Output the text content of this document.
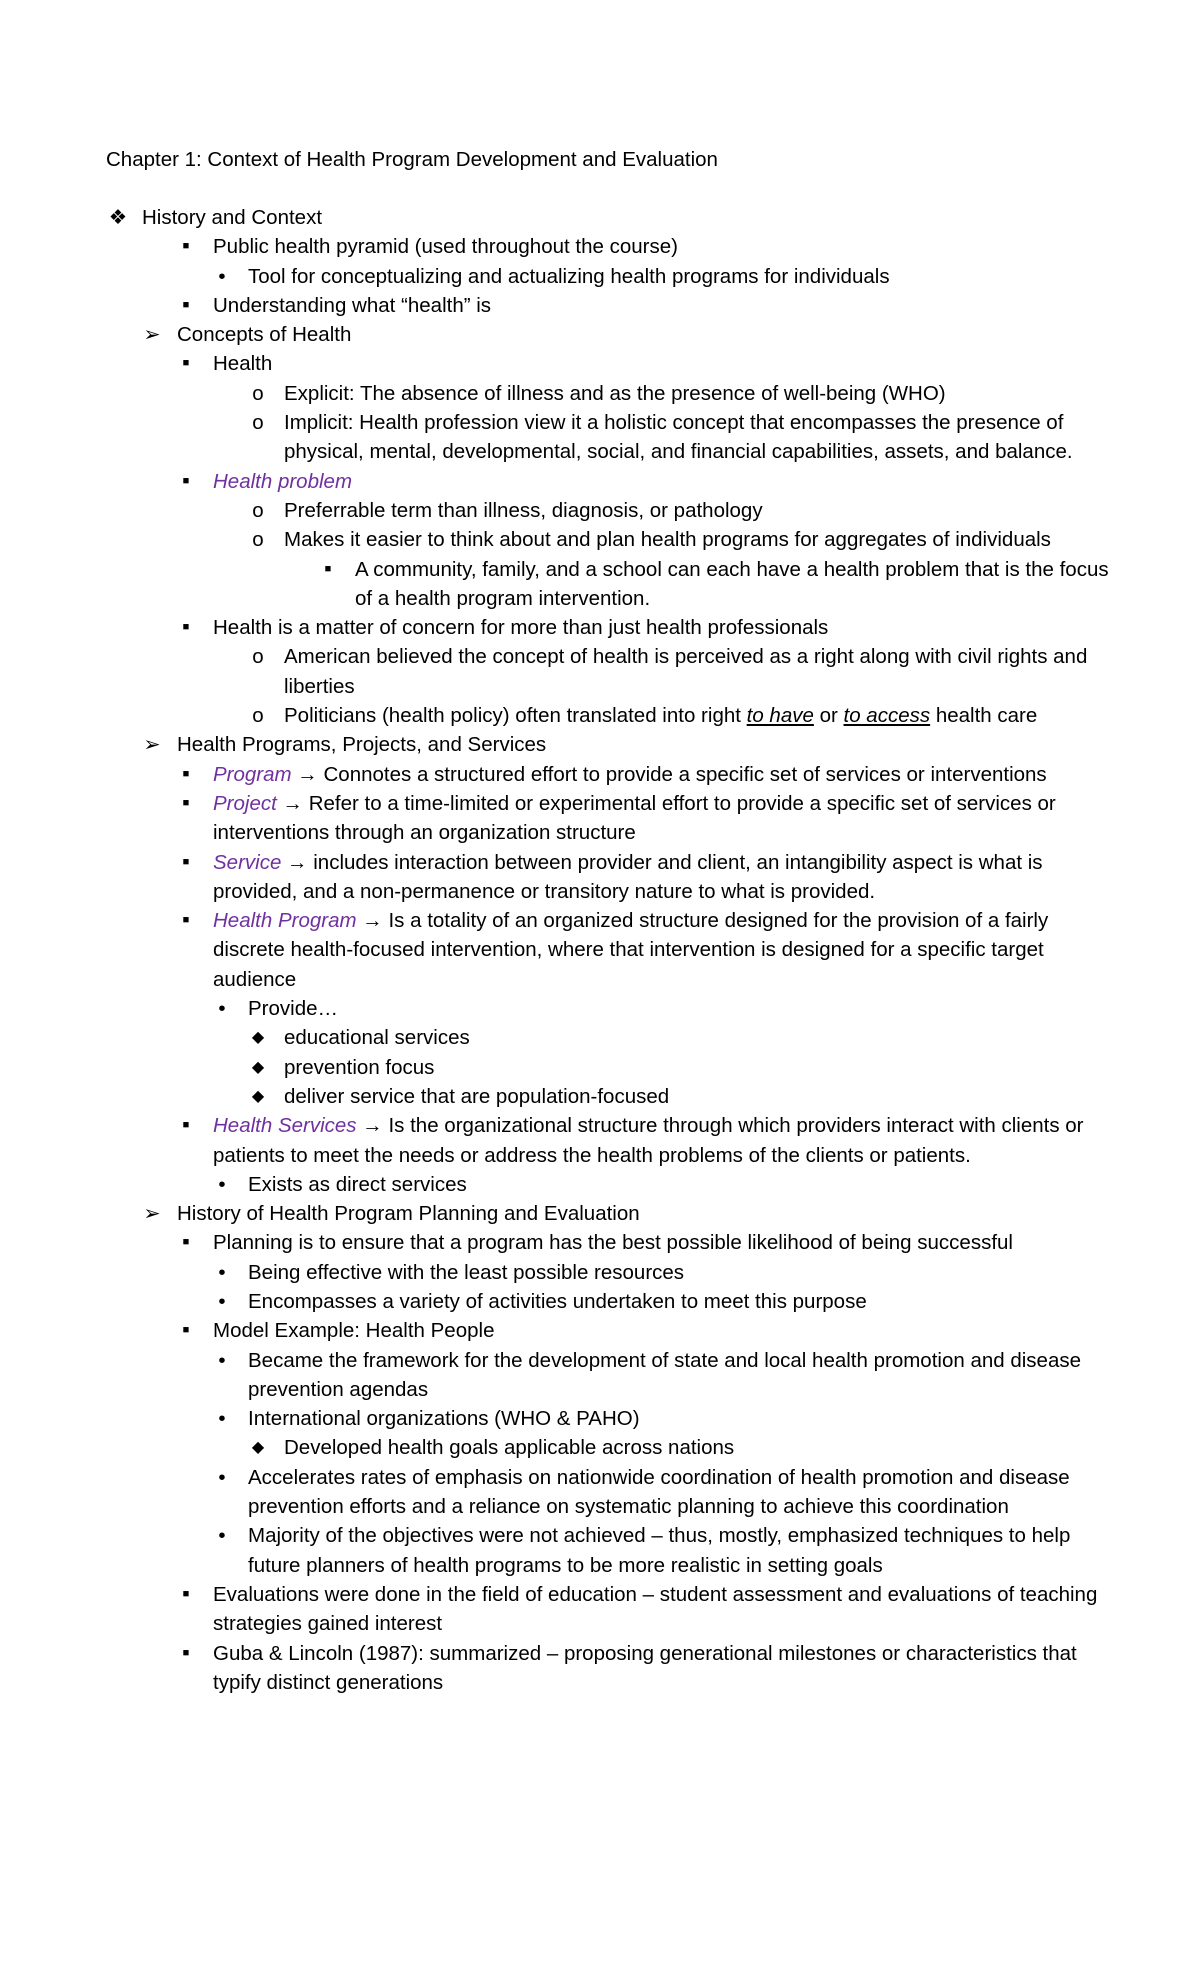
Chapter 1: Context of Health Program Development and Evaluation

❖ History and Context

■	Public health pyramid (used throughout the course)

•	Tool for conceptualizing and actualizing health programs for individuals

■	Understanding what “health” is

➢ Concepts of Health

■	Health

o Explicit: The absence of illness and as the presence of well-being (WHO)

o Implicit: Health profession view it a holistic concept that encompasses the presence of physical, mental, developmental, social, and financial capabilities, assets, and balance.

■	Health problem

o Preferrable term than illness, diagnosis, or pathology

o Makes it easier to think about and plan health programs for aggregates of individuals

■	A community, family, and a school can each have a health problem that is the focus of a health program intervention.

■	Health is a matter of concern for more than just health professionals

o American believed the concept of health is perceived as a right along with civil rights and liberties

o Politicians (health policy) often translated into right to have or to access health care

➢ Health Programs, Projects, and Services

■	Program → Connotes a structured effort to provide a specific set of services or interventions

■	Project → Refer to a time-limited or experimental effort to provide a specific set of services or interventions through an organization structure

■	Service → includes interaction between provider and client, an intangibility aspect is what is provided, and a non-permanence or transitory nature to what is provided.

■	Health Program → Is a totality of an organized structure designed for the provision of a fairly discrete health-focused intervention, where that intervention is designed for a specific target audience

•	Provide…

◆ educational services

◆ prevention focus

◆ deliver service that are population-focused

■	Health Services → Is the organizational structure through which providers interact with clients or patients to meet the needs or address the health problems of the clients or patients.

•	Exists as direct services

➢ History of Health Program Planning and Evaluation

■	Planning is to ensure that a program has the best possible likelihood of being successful

•	Being effective with the least possible resources

•	Encompasses a variety of activities undertaken to meet this purpose

■	Model Example: Health People

•	Became the framework for the development of state and local health promotion and disease prevention agendas

•	International organizations (WHO & PAHO)

◆ Developed health goals applicable across nations

•	Accelerates rates of emphasis on nationwide coordination of health promotion and disease prevention efforts and a reliance on systematic planning to achieve this coordination

•	Majority of the objectives were not achieved – thus, mostly, emphasized techniques to help future planners of health programs to be more realistic in setting goals

■	Evaluations were done in the field of education – student assessment and evaluations of teaching strategies gained interest

■	Guba & Lincoln (1987): summarized – proposing generational milestones or characteristics that typify distinct generations
